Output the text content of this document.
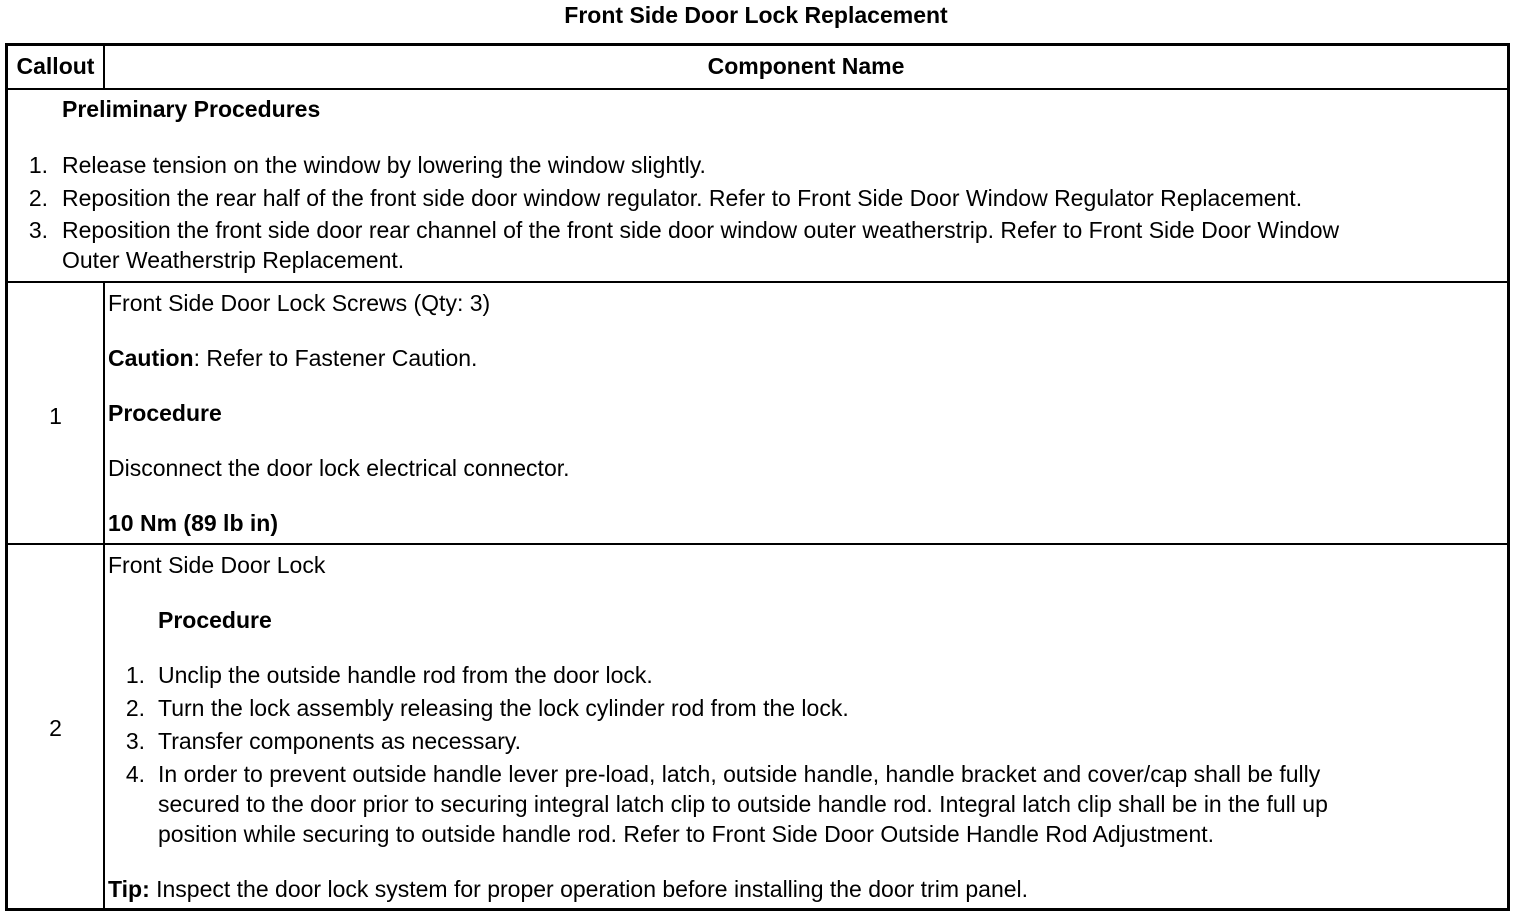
Front Side Door Lock Replacement
Callout	Component Name
Preliminary Procedures
1. Release tension on the window by lowering the window slightly.
2. Reposition the rear half of the front side door window regulator. Refer to Front Side Door Window Regulator Replacement.
3. Reposition the front side door rear channel of the front side door window outer weatherstrip. Refer to Front Side Door Window
Outer Weatherstrip Replacement.
1
Front Side Door Lock Screws (Qty: 3)
Caution: Refer to Fastener Caution.
Procedure
Disconnect the door lock electrical connector.
10 Nm (89 lb in)
2
Front Side Door Lock
Procedure
1. Unclip the outside handle rod from the door lock.
2. Turn the lock assembly releasing the lock cylinder rod from the lock.
3. Transfer components as necessary.
4. In order to prevent outside handle lever pre-load, latch, outside handle, handle bracket and cover/cap shall be fully
secured to the door prior to securing integral latch clip to outside handle rod. Integral latch clip shall be in the full up
position while securing to outside handle rod. Refer to Front Side Door Outside Handle Rod Adjustment.
Tip: Inspect the door lock system for proper operation before installing the door trim panel.
